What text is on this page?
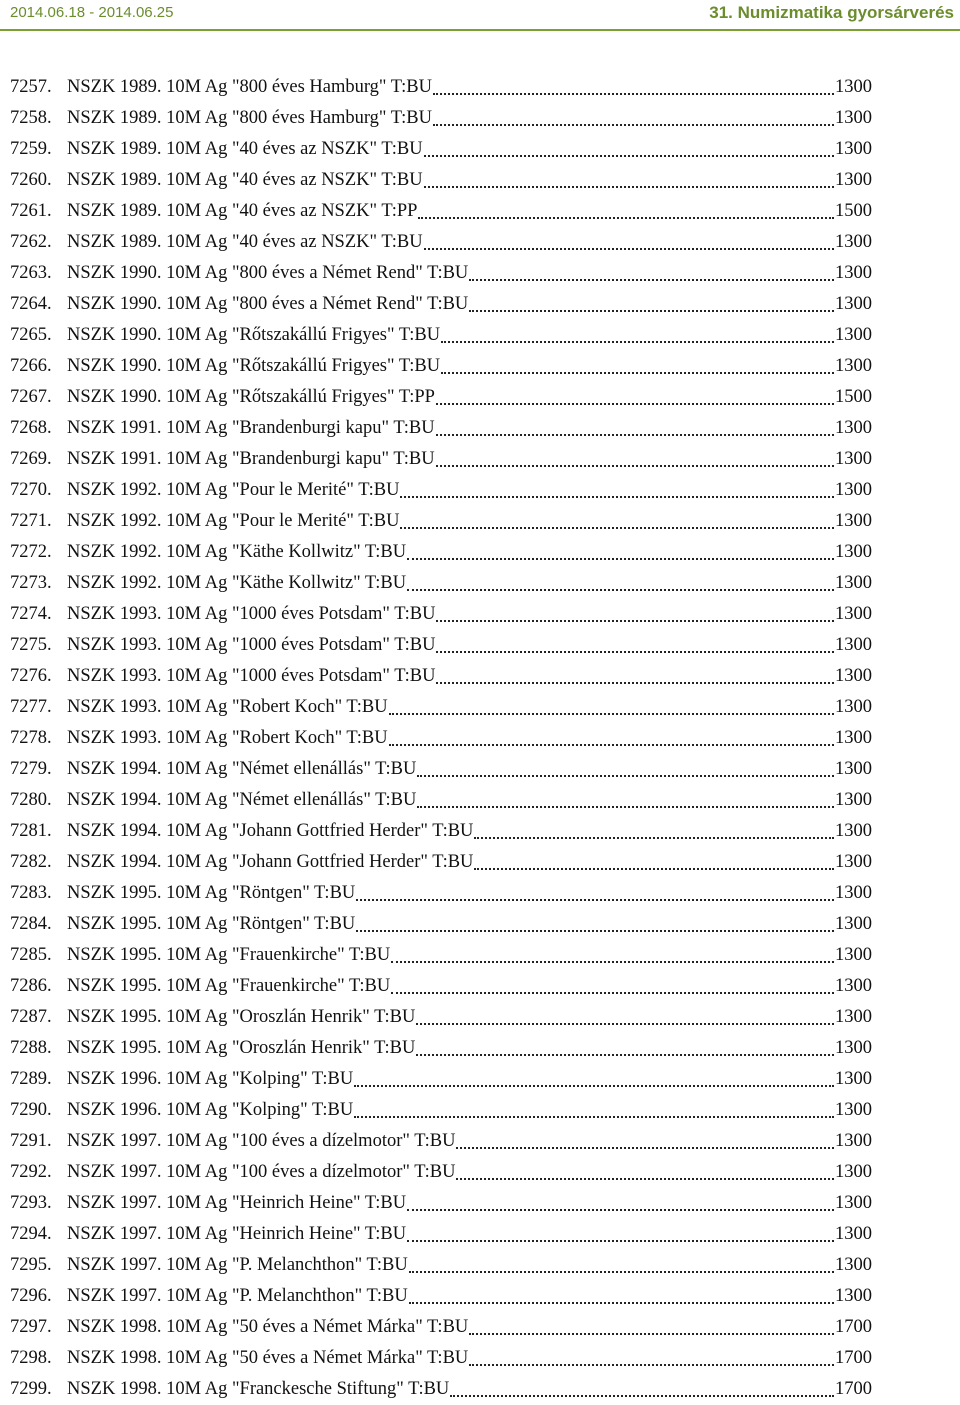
2014.06.18 - 2014.06.25	31. Numizmatika gyorsárverés
7257. NSZK 1989. 10M Ag "800 éves Hamburg" T:BU	1300
7258. NSZK 1989. 10M Ag "800 éves Hamburg" T:BU	1300
7259. NSZK 1989. 10M Ag "40 éves az NSZK" T:BU	1300
7260. NSZK 1989. 10M Ag "40 éves az NSZK" T:BU	1300
7261. NSZK 1989. 10M Ag "40 éves az NSZK" T:PP	1500
7262. NSZK 1989. 10M Ag "40 éves az NSZK" T:BU	1300
7263. NSZK 1990. 10M Ag "800 éves a Német Rend" T:BU	1300
7264. NSZK 1990. 10M Ag "800 éves a Német Rend" T:BU	1300
7265. NSZK 1990. 10M Ag "Rőtszakállú Frigyes" T:BU	1300
7266. NSZK 1990. 10M Ag "Rőtszakállú Frigyes" T:BU	1300
7267. NSZK 1990. 10M Ag "Rőtszakállú Frigyes" T:PP	1500
7268. NSZK 1991. 10M Ag "Brandenburgi kapu" T:BU	1300
7269. NSZK 1991. 10M Ag "Brandenburgi kapu" T:BU	1300
7270. NSZK 1992. 10M Ag "Pour le Merité" T:BU	1300
7271. NSZK 1992. 10M Ag "Pour le Merité" T:BU	1300
7272. NSZK 1992. 10M Ag "Käthe Kollwitz" T:BU	1300
7273. NSZK 1992. 10M Ag "Käthe Kollwitz" T:BU	1300
7274. NSZK 1993. 10M Ag "1000 éves Potsdam" T:BU	1300
7275. NSZK 1993. 10M Ag "1000 éves Potsdam" T:BU	1300
7276. NSZK 1993. 10M Ag "1000 éves Potsdam" T:BU	1300
7277. NSZK 1993. 10M Ag "Robert Koch" T:BU	1300
7278. NSZK 1993. 10M Ag "Robert Koch" T:BU	1300
7279. NSZK 1994. 10M Ag "Német ellenállás" T:BU	1300
7280. NSZK 1994. 10M Ag "Német ellenállás" T:BU	1300
7281. NSZK 1994. 10M Ag "Johann Gottfried Herder" T:BU	1300
7282. NSZK 1994. 10M Ag "Johann Gottfried Herder" T:BU	1300
7283. NSZK 1995. 10M Ag "Röntgen" T:BU	1300
7284. NSZK 1995. 10M Ag "Röntgen" T:BU	1300
7285. NSZK 1995. 10M Ag "Frauenkirche" T:BU	1300
7286. NSZK 1995. 10M Ag "Frauenkirche" T:BU	1300
7287. NSZK 1995. 10M Ag "Oroszlán Henrik" T:BU	1300
7288. NSZK 1995. 10M Ag "Oroszlán Henrik" T:BU	1300
7289. NSZK 1996. 10M Ag "Kolping" T:BU	1300
7290. NSZK 1996. 10M Ag "Kolping" T:BU	1300
7291. NSZK 1997. 10M Ag "100 éves a dízelmotor" T:BU	1300
7292. NSZK 1997. 10M Ag "100 éves a dízelmotor" T:BU	1300
7293. NSZK 1997. 10M Ag "Heinrich Heine" T:BU	1300
7294. NSZK 1997. 10M Ag "Heinrich Heine" T:BU	1300
7295. NSZK 1997. 10M Ag "P. Melanchthon" T:BU	1300
7296. NSZK 1997. 10M Ag "P. Melanchthon" T:BU	1300
7297. NSZK 1998. 10M Ag "50 éves a Német Márka" T:BU	1700
7298. NSZK 1998. 10M Ag "50 éves a Német Márka" T:BU	1700
7299. NSZK 1998. 10M Ag "Franckesche Stiftung" T:BU	1700
